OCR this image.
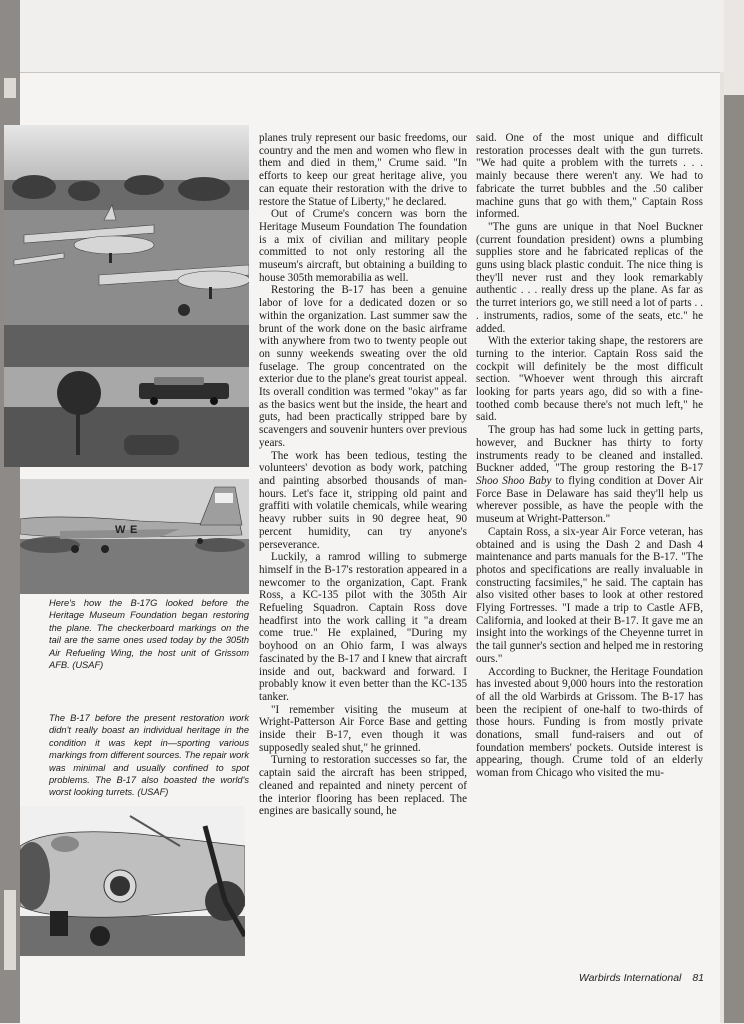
W E

Here's how the B-17G looked before the Heritage Museum Foundation began restoring the plane. The checkerboard markings on the tail are the same ones used today by the 305th Air Refueling Wing, the host unit of Grissom AFB. (USAF)

The B-17 before the present restoration work didn't really boast an individual heritage in the condition it was kept in—sporting various markings from different sources. The repair work was minimal and usually confined to spot problems. The B-17 also boasted the world's worst looking turrets. (USAF)

planes truly represent our basic freedoms, our country and the men and women who flew in them and died in them," Crume said. "In efforts to keep our great heritage alive, you can equate their restoration with the drive to restore the Statue of Liberty," he declared.

Out of Crume's concern was born the Heritage Museum Foundation The foundation is a mix of civilian and military people committed to not only restoring all the museum's aircraft, but obtaining a building to house 305th memorabilia as well.

Restoring the B-17 has been a genuine labor of love for a dedicated dozen or so within the organization. Last summer saw the brunt of the work done on the basic airframe with anywhere from two to twenty people out on sunny weekends sweating over the old fuselage. The group concentrated on the exterior due to the plane's great tourist appeal. Its overall condition was termed "okay" as far as the basics went but the inside, the heart and guts, had been practically stripped bare by scavengers and souvenir hunters over previous years.

The work has been tedious, testing the volunteers' devotion as body work, patching and painting absorbed thousands of man-hours. Let's face it, stripping old paint and graffiti with volatile chemicals, while wearing heavy rubber suits in 90 degree heat, 90 percent humidity, can try anyone's perseverance.

Luckily, a ramrod willing to submerge himself in the B-17's restoration appeared in a newcomer to the organization, Capt. Frank Ross, a KC-135 pilot with the 305th Air Refueling Squadron. Captain Ross dove headfirst into the work calling it "a dream come true." He explained, "During my boyhood on an Ohio farm, I was always fascinated by the B-17 and I knew that aircraft inside and out, backward and forward. I probably know it even better than the KC-135 tanker.

"I remember visiting the museum at Wright-Patterson Air Force Base and getting inside their B-17, even though it was supposedly sealed shut," he grinned.

Turning to restoration successes so far, the captain said the aircraft has been stripped, cleaned and repainted and ninety percent of the interior flooring has been replaced. The engines are basically sound, he

said. One of the most unique and difficult restoration processes dealt with the gun turrets. "We had quite a problem with the turrets . . . mainly because there weren't any. We had to fabricate the turret bubbles and the .50 caliber machine guns that go with them," Captain Ross informed.

"The guns are unique in that Noel Buckner (current foundation president) owns a plumbing supplies store and he fabricated replicas of the guns using black plastic conduit. The nice thing is they'll never rust and they look remarkably authentic . . . really dress up the plane. As far as the turret interiors go, we still need a lot of parts . . . instruments, radios, some of the seats, etc." he added.

With the exterior taking shape, the restorers are turning to the interior. Captain Ross said the cockpit will definitely be the most difficult section. "Whoever went through this aircraft looking for parts years ago, did so with a fine-toothed comb because there's not much left," he said.

The group has had some luck in getting parts, however, and Buckner has thirty to forty instruments ready to be cleaned and installed. Buckner added, "The group restoring the B-17 Shoo Shoo Baby to flying condition at Dover Air Force Base in Delaware has said they'll help us wherever possible, as have the people with the museum at Wright-Patterson."

Captain Ross, a six-year Air Force veteran, has obtained and is using the Dash 2 and Dash 4 maintenance and parts manuals for the B-17. "The photos and specifications are really invaluable in constructing facsimiles," he said. The captain has also visited other bases to look at other restored Flying Fortresses. "I made a trip to Castle AFB, California, and looked at their B-17. It gave me an insight into the workings of the Cheyenne turret in the tail gunner's section and helped me in restoring ours."

According to Buckner, the Heritage Foundation has invested about 9,000 hours into the restoration of all the old Warbirds at Grissom. The B-17 has been the recipient of one-half to two-thirds of those hours. Funding is from mostly private donations, small fund-raisers and out of foundation members' pockets. Outside interest is appearing, though. Crume told of an elderly woman from Chicago who visited the mu-

Warbirds International 81
